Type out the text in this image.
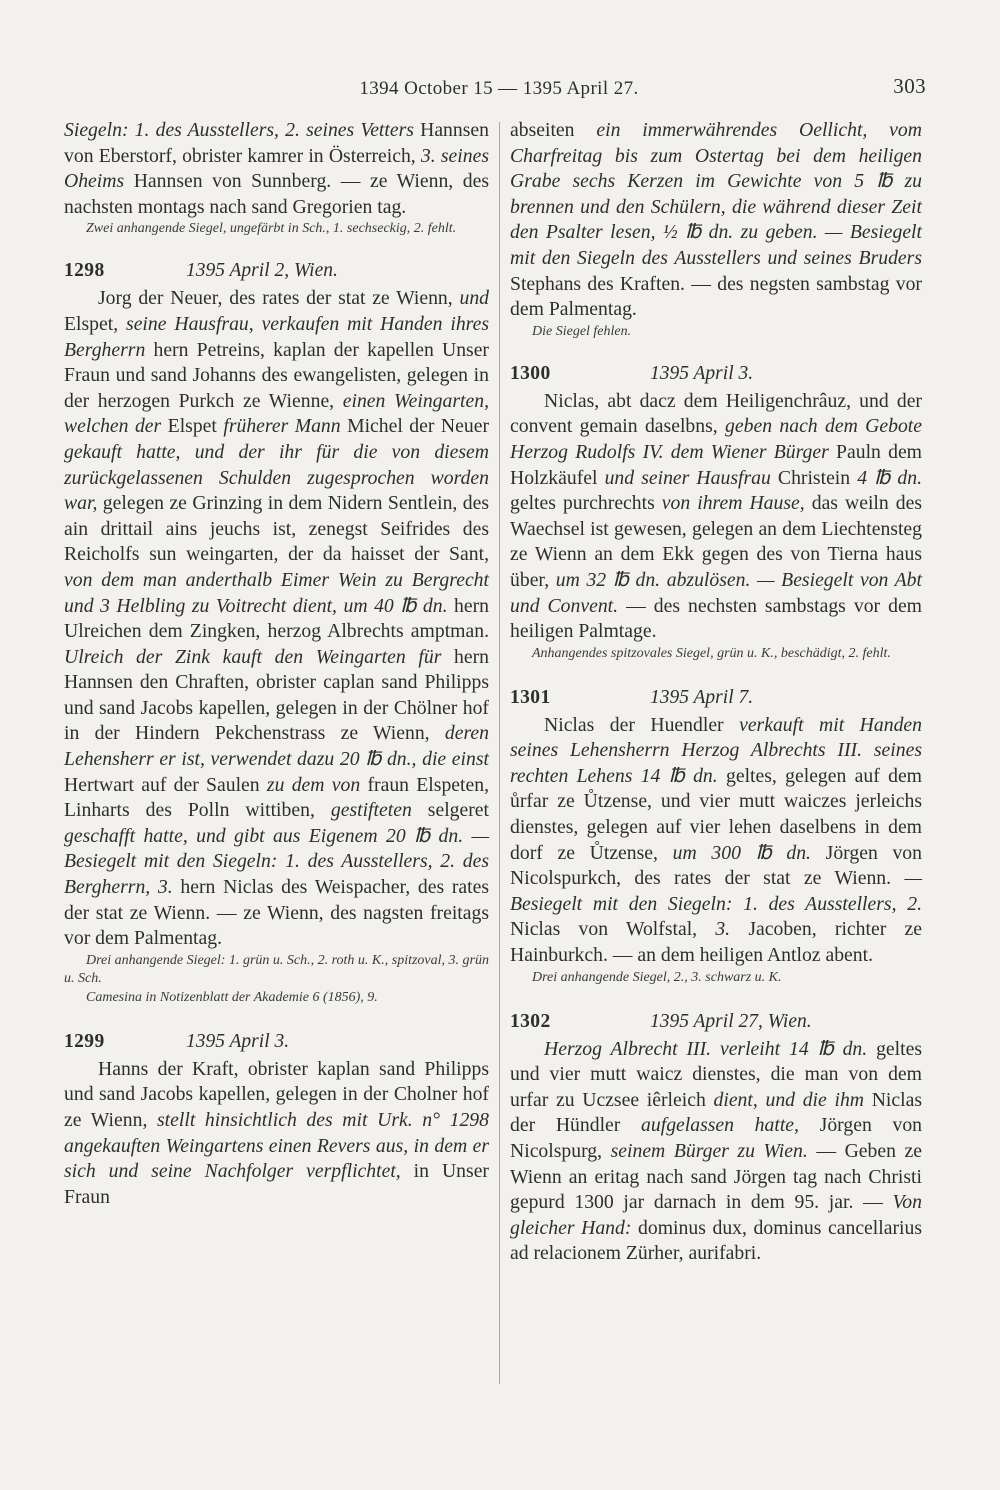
1394 October 15 — 1395 April 27.	303

Siegeln: 1. des Ausstellers, 2. seines Vetters Hannsen von Eberstorf, obrister kamrer in Österreich, 3. seines Oheims Hannsen von Sunnberg. — ze Wienn, des nachsten montags nach sand Gregorien tag.

Zwei anhangende Siegel, ungefärbt in Sch., 1. sechseckig, 2. fehlt.

1298	1395 April 2, Wien.

Jorg der Neuer, des rates der stat ze Wienn, und Elspet, seine Hausfrau, verkaufen mit Handen ihres Bergherrn hern Petreins, kaplan der kapellen Unser Fraun und sand Johanns des ewangelisten, gelegen in der herzogen Purkch ze Wienne, einen Weingarten, welchen der Elspet früherer Mann Michel der Neuer gekauft hatte, und der ihr für die von diesem zurückgelassenen Schulden zugesprochen worden war, gelegen ze Grinzing in dem Nidern Sentlein, des ain drittail ains jeuchs ist, zenegst Seifrides des Reicholfs sun weingarten, der da haisset der Sant, von dem man anderthalb Eimer Wein zu Bergrecht und 3 Helbling zu Voitrecht dient, um 40 ℔ dn. hern Ulreichen dem Zingken, herzog Albrechts amptman. Ulreich der Zink kauft den Weingarten für hern Hannsen den Chraften, obrister caplan sand Philipps und sand Jacobs kapellen, gelegen in der Chölner hof in der Hindern Pekchenstrass ze Wienn, deren Lehensherr er ist, verwendet dazu 20 ℔ dn., die einst Hertwart auf der Saulen zu dem von fraun Elspeten, Linharts des Polln wittiben, gestifteten selgeret geschafft hatte, und gibt aus Eigenem 20 ℔ dn. — Besiegelt mit den Siegeln: 1. des Ausstellers, 2. des Bergherrn, 3. hern Niclas des Weispacher, des rates der stat ze Wienn. — ze Wienn, des nagsten freitags vor dem Palmentag.

Drei anhangende Siegel: 1. grün u. Sch., 2. roth u. K., spitzoval, 3. grün u. Sch.

Camesina in Notizenblatt der Akademie 6 (1856), 9.

1299	1395 April 3.

Hanns der Kraft, obrister kaplan sand Philipps und sand Jacobs kapellen, gelegen in der Cholner hof ze Wienn, stellt hinsichtlich des mit Urk. n° 1298 angekauften Weingartens einen Revers aus, in dem er sich und seine Nachfolger verpflichtet, in Unser Fraun

abseiten ein immerwährendes Oellicht, vom Charfreitag bis zum Ostertag bei dem heiligen Grabe sechs Kerzen im Gewichte von 5 ℔ zu brennen und den Schülern, die während dieser Zeit den Psalter lesen, ½ ℔ dn. zu geben. — Besiegelt mit den Siegeln des Ausstellers und seines Bruders Stephans des Kraften. — des negsten sambstag vor dem Palmentag.

Die Siegel fehlen.

1300	1395 April 3.

Niclas, abt dacz dem Heiligenchrâuz, und der convent gemain daselbns, geben nach dem Gebote Herzog Rudolfs IV. dem Wiener Bürger Pauln dem Holzkäufel und seiner Hausfrau Christein 4 ℔ dn. geltes purchrechts von ihrem Hause, das weiln des Waechsel ist gewesen, gelegen an dem Liechtensteg ze Wienn an dem Ekk gegen des von Tierna haus über, um 32 ℔ dn. abzulösen. — Besiegelt von Abt und Convent. — des nechsten sambstags vor dem heiligen Palmtage.

Anhangendes spitzovales Siegel, grün u. K., beschädigt, 2. fehlt.

1301	1395 April 7.

Niclas der Huendler verkauft mit Handen seines Lehensherrn Herzog Albrechts III. seines rechten Lehens 14 ℔ dn. geltes, gelegen auf dem ůrfar ze Ůtzense, und vier mutt waiczes jerleichs dienstes, gelegen auf vier lehen daselbens in dem dorf ze Ůtzense, um 300 ℔ dn. Jörgen von Nicolspurkch, des rates der stat ze Wienn. — Besiegelt mit den Siegeln: 1. des Ausstellers, 2. Niclas von Wolfstal, 3. Jacoben, richter ze Hainburkch. — an dem heiligen Antloz abent.

Drei anhangende Siegel, 2., 3. schwarz u. K.

1302	1395 April 27, Wien.

Herzog Albrecht III. verleiht 14 ℔ dn. geltes und vier mutt waicz dienstes, die man von dem urfar zu Uczsee iêrleich dient, und die ihm Niclas der Hündler aufgelassen hatte, Jörgen von Nicolspurg, seinem Bürger zu Wien. — Geben ze Wienn an eritag nach sand Jörgen tag nach Christi gepurd 1300 jar darnach in dem 95. jar. — Von gleicher Hand: dominus dux, dominus cancellarius ad relacionem Zürher, aurifabri.
